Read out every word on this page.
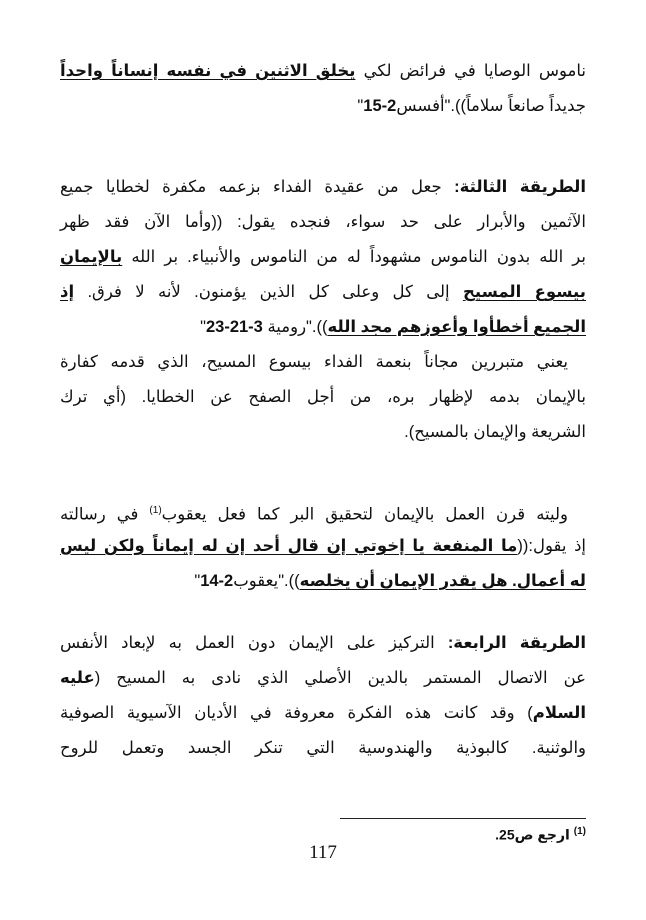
ناموس الوصايا في فرائض لكي يخلق الاثنين في نفسه إنساناً واحداً
جديداً صانعاً سلاماً))."أفسس2-15"
الطريقة الثالثة: جعل من عقيدة الفداء بزعمه مكفرة لخطايا جميع
الآثمين والأبرار على حد سواء، فنجده يقول: ((وأما الآن فقد ظهر
بر الله بدون الناموس مشهوداً له من الناموس والأنبياء. بر الله بالإيمان
بيسوع المسيح إلى كل وعلى كل الذين يؤمنون. لأنه لا فرق. إذ
الجميع أخطأوا وأعوزهم مجد الله))."رومية 3-21-23"
يعني متبررين مجاناً بنعمة الفداء بيسوع المسيح، الذي قدمه كفارة
بالإيمان بدمه لإظهار بره، من أجل الصفح عن الخطايا. (أي ترك
الشريعة والإيمان بالمسيح).
وليته قرن العمل بالإيمان لتحقيق البر كما فعل يعقوب$^{(1)}$ في رسالته
إذ يقول:((ما المنفعة يا إخوتي إن قال أحد إن له إيماناً ولكن ليس
له أعمال. هل يقدر الإيمان أن يخلصه))."يعقوب2-14"
الطريقة الرابعة: التركيز على الإيمان دون العمل به لإبعاد الأنفس
عن الاتصال المستمر بالدين الأصلي الذي نادى به المسيح (عليه
السلام) وقد كانت هذه الفكرة معروفة في الأديان الآسيوية الصوفية
والوثنية. كالبوذية والهندوسية التي تنكر الجسد وتعمل للروح
$^{(1)}$ ارجع ص25.
117
